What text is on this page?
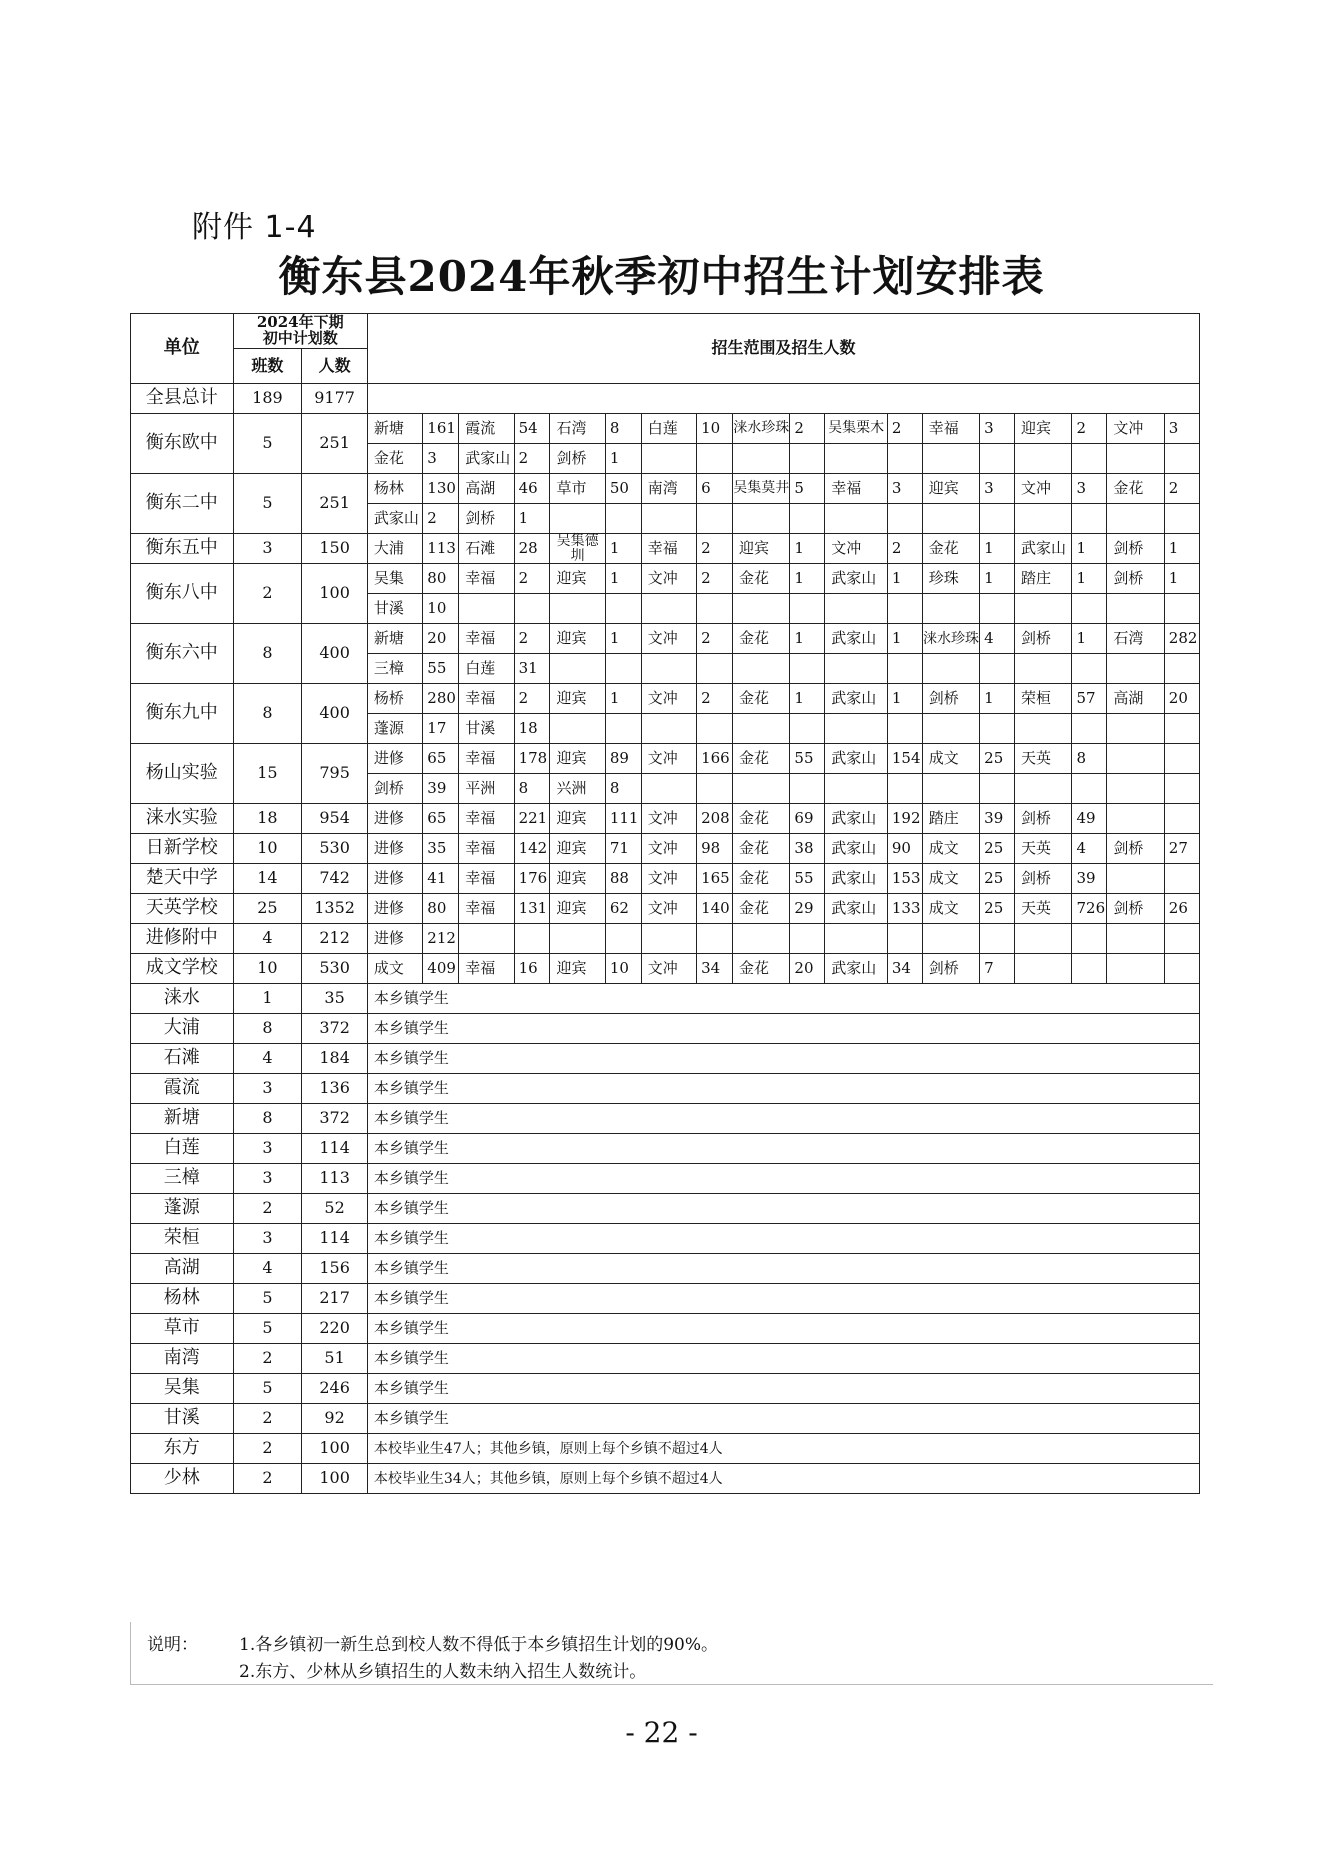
附件 1-4
衡东县2024年秋季初中招生计划安排表
单位	2024年下期
初中计划数		招生范围及招生人数																	
	班数	人数																		
全县总计	189	9177																		
衡东欧中	5	251	新塘	161	霞流	54	石湾	8	白莲	10	涞水珍珠	2	吴集栗木	2	幸福	3	迎宾	2	文冲	3
			金花	3	武家山	2	剑桥	1												
衡东二中	5	251	杨林	130	高湖	46	草市	50	南湾	6	吴集莫井	5	幸福	3	迎宾	3	文冲	3	金花	2
			武家山	2	剑桥	1														
衡东五中	3	150	大浦	113	石滩	28	吴集德圳	1	幸福	2	迎宾	1	文冲	2	金花	1	武家山	1	剑桥	1
衡东八中	2	100	吴集	80	幸福	2	迎宾	1	文冲	2	金花	1	武家山	1	珍珠	1	踏庄	1	剑桥	1
			甘溪	10																
衡东六中	8	400	新塘	20	幸福	2	迎宾	1	文冲	2	金花	1	武家山	1	涞水珍珠	4	剑桥	1	石湾	282
			三樟	55	白莲	31														
衡东九中	8	400	杨桥	280	幸福	2	迎宾	1	文冲	2	金花	1	武家山	1	剑桥	1	荣桓	57	高湖	20
			蓬源	17	甘溪	18														
杨山实验	15	795	进修	65	幸福	178	迎宾	89	文冲	166	金花	55	武家山	154	成文	25	天英	8		
			剑桥	39	平洲	8	兴洲	8												
涞水实验	18	954	进修	65	幸福	221	迎宾	111	文冲	208	金花	69	武家山	192	踏庄	39	剑桥	49		
日新学校	10	530	进修	35	幸福	142	迎宾	71	文冲	98	金花	38	武家山	90	成文	25	天英	4	剑桥	27
楚天中学	14	742	进修	41	幸福	176	迎宾	88	文冲	165	金花	55	武家山	153	成文	25	剑桥	39		
天英学校	25	1352	进修	80	幸福	131	迎宾	62	文冲	140	金花	29	武家山	133	成文	25	天英	726	剑桥	26
进修附中	4	212	进修	212																
成文学校	10	530	成文	409	幸福	16	迎宾	10	文冲	34	金花	20	武家山	34	剑桥	7				
涞水	1	35	本乡镇学生																	
大浦	8	372	本乡镇学生																	
石滩	4	184	本乡镇学生																	
霞流	3	136	本乡镇学生																	
新塘	8	372	本乡镇学生																	
白莲	3	114	本乡镇学生																	
三樟	3	113	本乡镇学生																	
蓬源	2	52	本乡镇学生																	
荣桓	3	114	本乡镇学生																	
高湖	4	156	本乡镇学生																	
杨林	5	217	本乡镇学生																	
草市	5	220	本乡镇学生																	
南湾	2	51	本乡镇学生																	
吴集	5	246	本乡镇学生																	
甘溪	2	92	本乡镇学生																	
东方	2	100	本校毕业生47人；其他乡镇，原则上每个乡镇不超过4人																	
少林	2	100	本校毕业生34人；其他乡镇，原则上每个乡镇不超过4人																	
说明： 1.各乡镇初一新生总到校人数不得低于本乡镇招生计划的90%。
2.东方、少林从乡镇招生的人数未纳入招生人数统计。
- 22 -
